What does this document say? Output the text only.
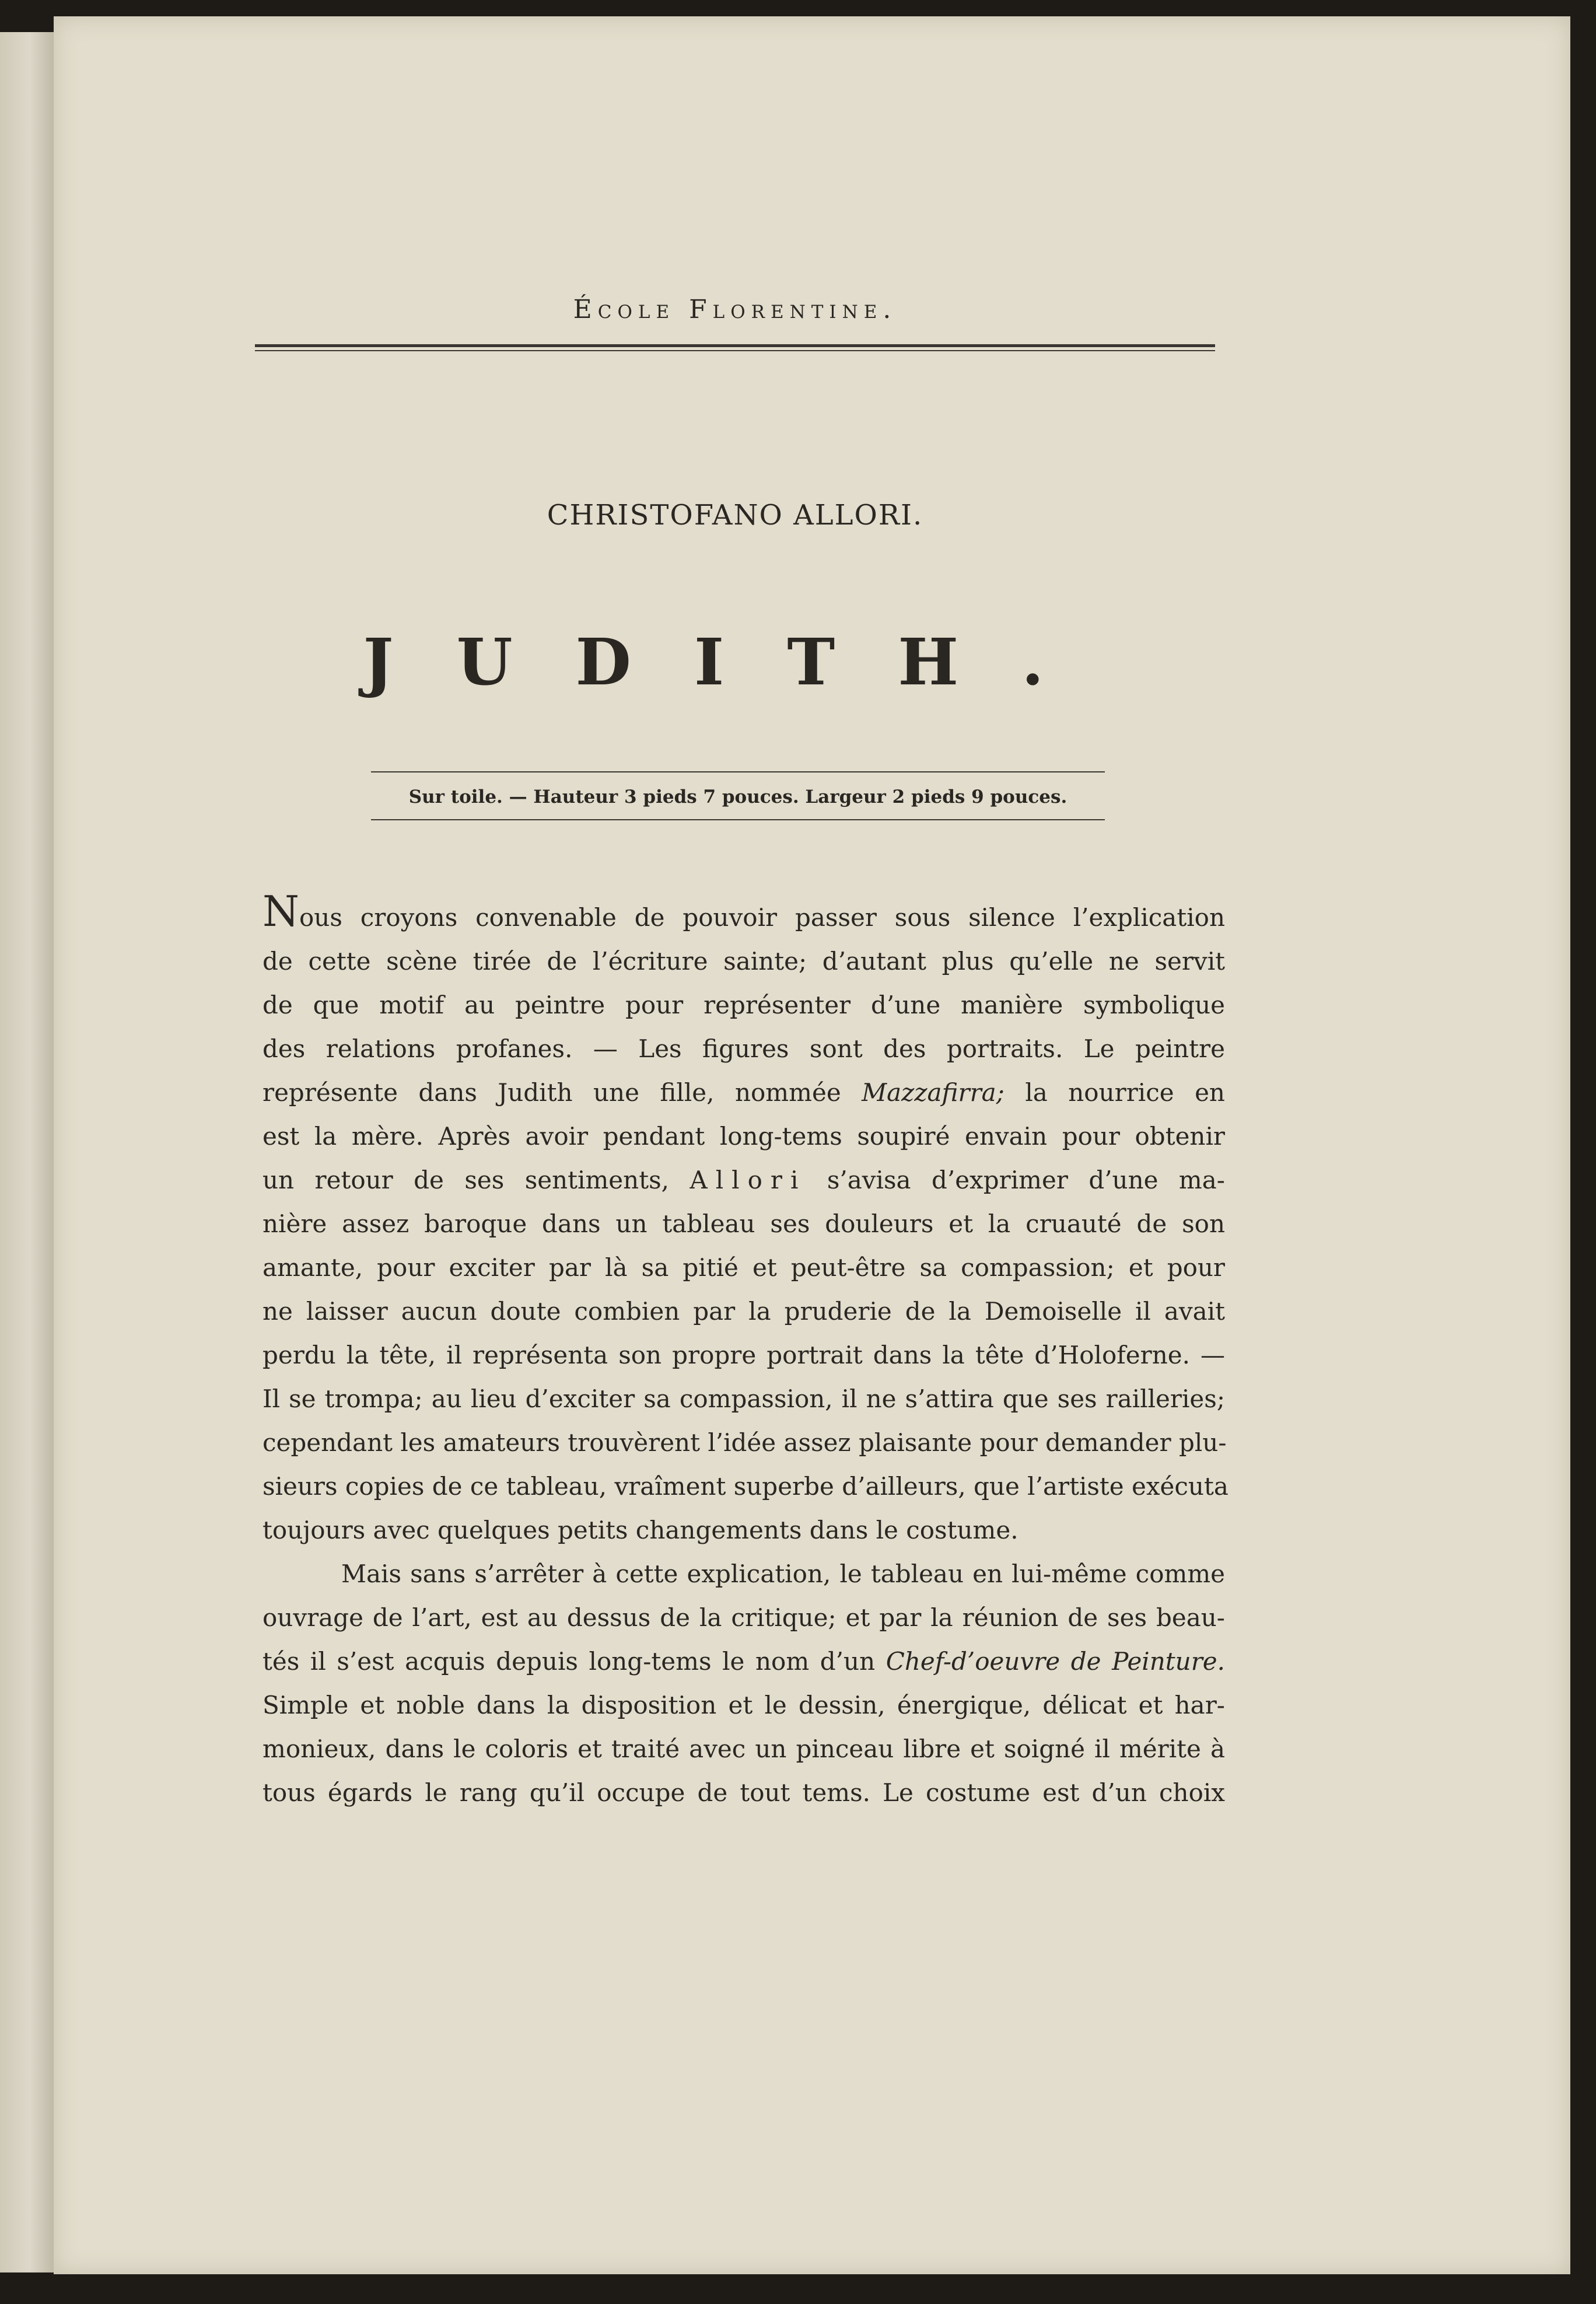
École Florentine.
CHRISTOFANO ALLORI.
JUDITH.
Sur toile. — Hauteur 3 pieds 7 pouces. Largeur 2 pieds 9 pouces.

Nous croyons convenable de pouvoir passer sous silence l’explication
de cette scène tirée de l’écriture sainte; d’autant plus qu’elle ne servit
de que motif au peintre pour représenter d’une manière symbolique
des relations profanes. — Les figures sont des portraits. Le peintre
représente dans Judith une fille, nommée Mazzafirra; la nourrice en
est la mère. Après avoir pendant long-tems soupiré envain pour obtenir
un retour de ses sentiments, Allori s’avisa d’exprimer d’une ma-
nière assez baroque dans un tableau ses douleurs et la cruauté de son
amante, pour exciter par là sa pitié et peut-être sa compassion; et pour
ne laisser aucun doute combien par la pruderie de la Demoiselle il avait
perdu la tête, il représenta son propre portrait dans la tête d’Holoferne. —
Il se trompa; au lieu d’exciter sa compassion, il ne s’attira que ses railleries;
cependant les amateurs trouvèrent l’idée assez plaisante pour demander plu-
sieurs copies de ce tableau, vraîment superbe d’ailleurs, que l’artiste exécuta
toujours avec quelques petits changements dans le costume.

Mais sans s’arrêter à cette explication, le tableau en lui-même comme
ouvrage de l’art, est au dessus de la critique; et par la réunion de ses beau-
tés il s’est acquis depuis long-tems le nom d’un Chef-d’oeuvre de Peinture.
Simple et noble dans la disposition et le dessin, énergique, délicat et har-
monieux, dans le coloris et traité avec un pinceau libre et soigné il mérite à
tous égards le rang qu’il occupe de tout tems. Le costume est d’un choix
